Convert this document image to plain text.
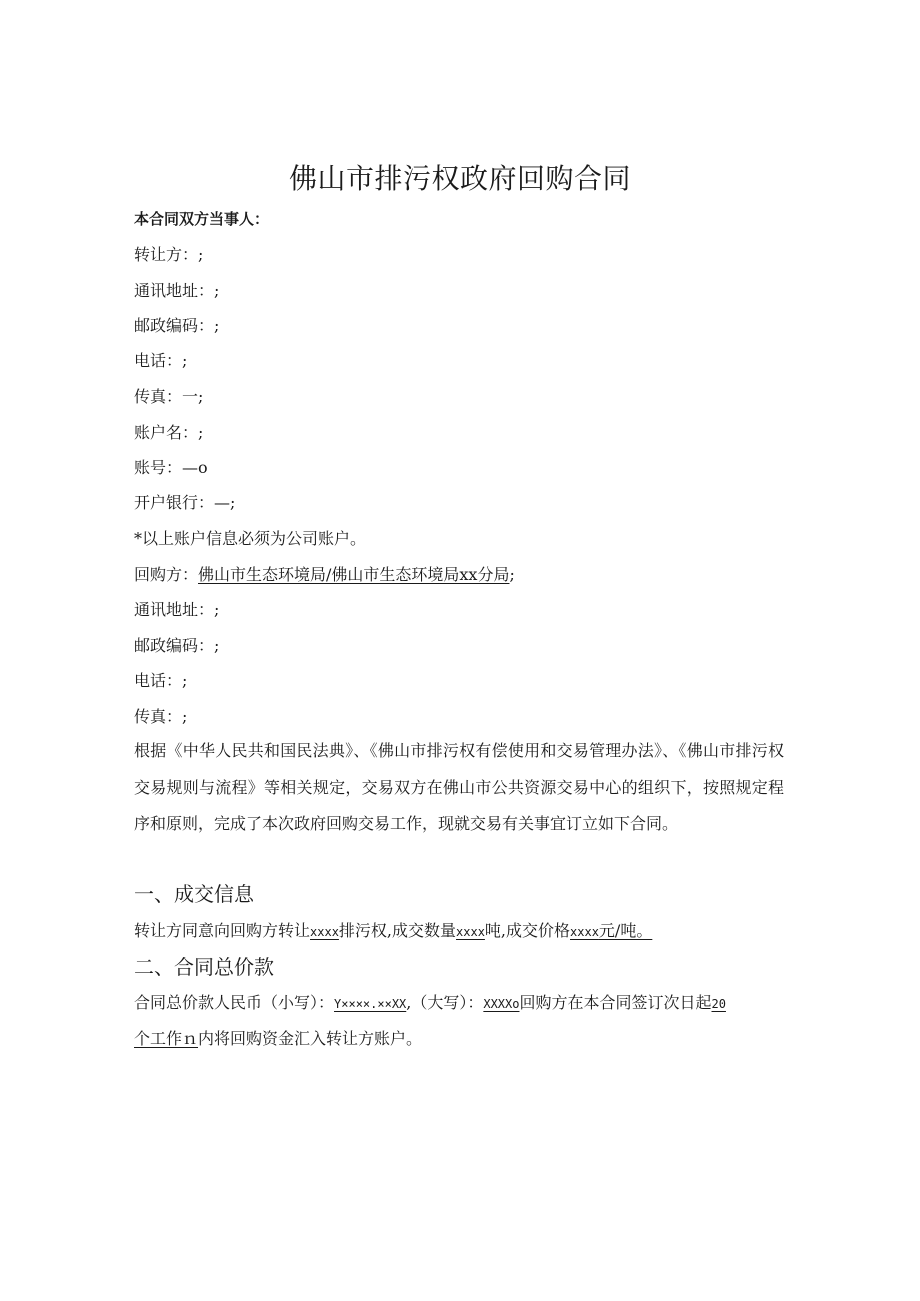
佛山市排污权政府回购合同
本合同双方当事人：
转让方：;
通讯地址：;
邮政编码：;
电话：;
传真：一;
账户名：;
账号：—o
开户银行：—;
*以上账户信息必须为公司账户。
回购方：佛山市生态环境局/佛山市生态环境局xx分局;
通讯地址：;
邮政编码：;
电话：;
传真：;
根据《中华人民共和国民法典》、《佛山市排污权有偿使用和交易管理办法》、《佛山市排污权交易规则与流程》等相关规定，交易双方在佛山市公共资源交易中心的组织下，按照规定程序和原则，完成了本次政府回购交易工作，现就交易有关事宜订立如下合同。
一、成交信息
转让方同意向回购方转让xxxx排污权,成交数量xxxx吨,成交价格xxxx元/吨。
二、合同总价款
合同总价款人民币（小写）：Y××××.××XX,（大写）：XXXXo回购方在本合同签订次日起20
个工作ｎ内将回购资金汇入转让方账户。
